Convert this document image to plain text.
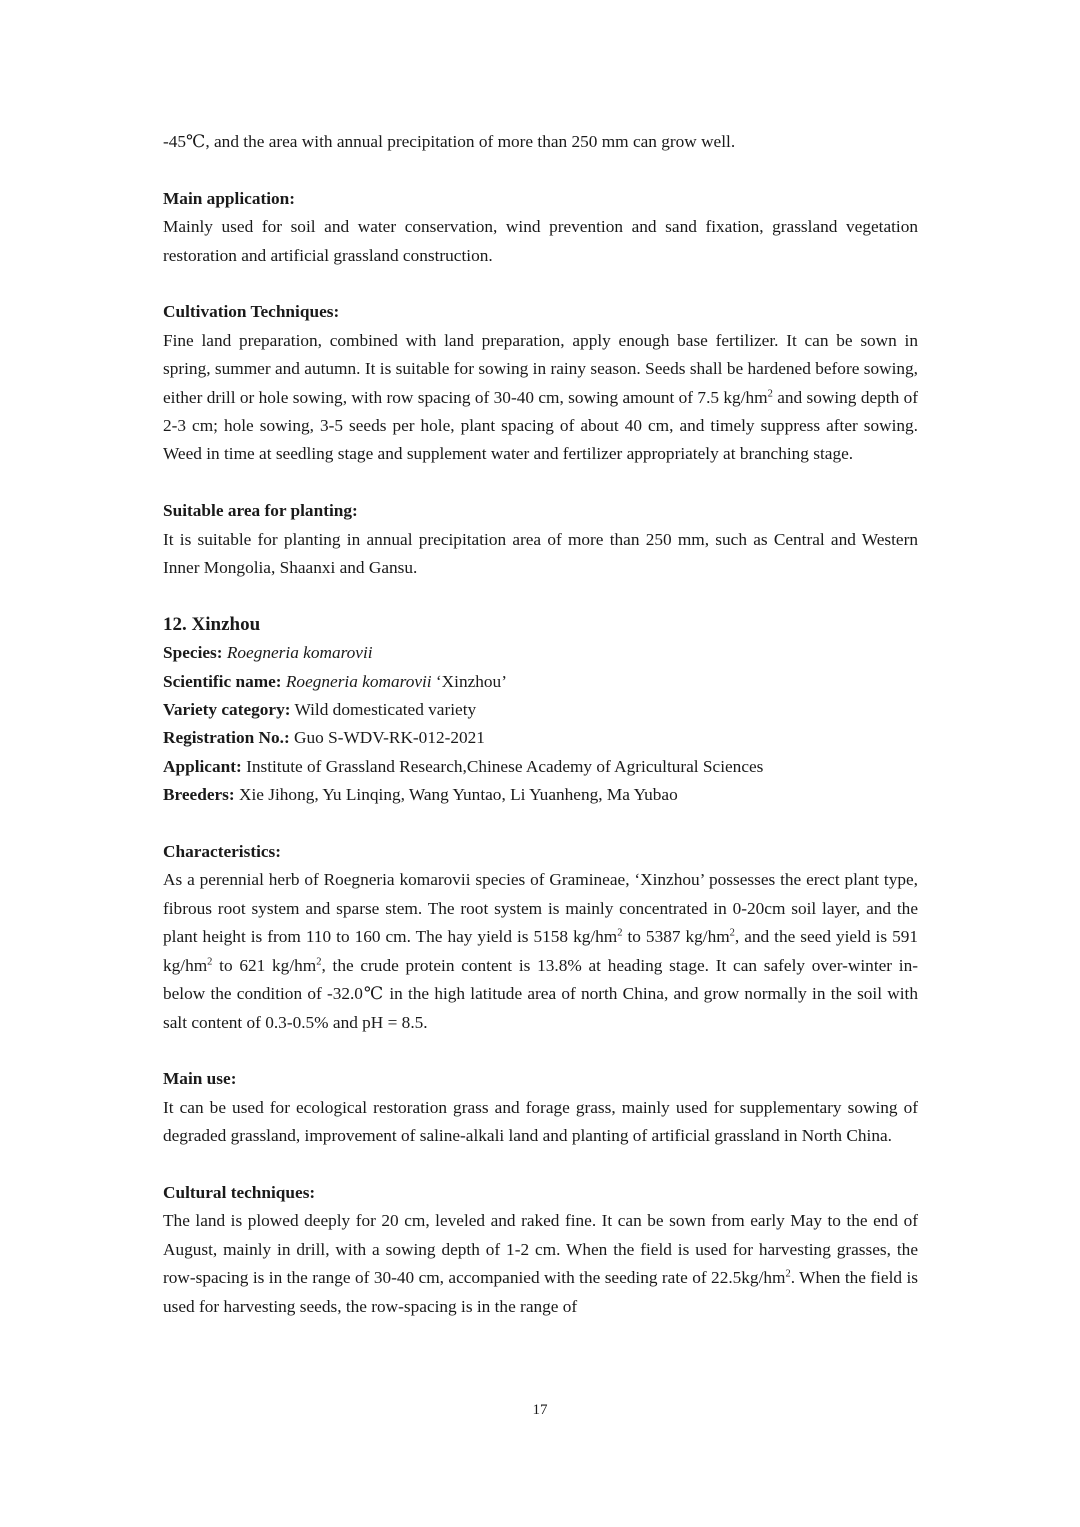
-45℃, and the area with annual precipitation of more than 250 mm can grow well.

Main application:

Mainly used for soil and water conservation, wind prevention and sand fixation, grassland vegetation restoration and artificial grassland construction.

Cultivation Techniques:

Fine land preparation, combined with land preparation, apply enough base fertilizer. It can be sown in spring, summer and autumn. It is suitable for sowing in rainy season. Seeds shall be hardened before sowing, either drill or hole sowing, with row spacing of 30-40 cm, sowing amount of 7.5 $kg/hm^2$ and sowing depth of 2-3 cm; hole sowing, 3-5 seeds per hole, plant spacing of about 40 cm, and timely suppress after sowing. Weed in time at seedling stage and supplement water and fertilizer appropriately at branching stage.

Suitable area for planting:

It is suitable for planting in annual precipitation area of more than 250 mm, such as Central and Western Inner Mongolia, Shaanxi and Gansu.

12. Xinzhou

Species: Roegneria komarovii

Scientific name: Roegneria komarovii ‘Xinzhou’

Variety category: Wild domesticated variety

Registration No.: Guo S-WDV-RK-012-2021

Applicant: Institute of Grassland Research,Chinese Academy of Agricultural Sciences

Breeders: Xie Jihong, Yu Linqing, Wang Yuntao, Li Yuanheng, Ma Yubao

Characteristics:

As a perennial herb of Roegneria komarovii species of Gramineae, ‘Xinzhou’ possesses the erect plant type, fibrous root system and sparse stem. The root system is mainly concentrated in 0-20cm soil layer, and the plant height is from 110 to 160 cm. The hay yield is 5158 $kg/hm^2$ to 5387 $kg/hm^2$, and the seed yield is 591 $kg/hm^2$ to 621 $kg/hm^2$, the crude protein content is 13.8% at heading stage. It can safely over-winter in-below the condition of -32.0℃ in the high latitude area of north China, and grow normally in the soil with salt content of 0.3-0.5% and pH = 8.5.

Main use:

It can be used for ecological restoration grass and forage grass, mainly used for supplementary sowing of degraded grassland, improvement of saline-alkali land and planting of artificial grassland in North China.

Cultural techniques:

The land is plowed deeply for 20 cm, leveled and raked fine. It can be sown from early May to the end of August, mainly in drill, with a sowing depth of 1-2 cm. When the field is used for harvesting grasses, the row-spacing is in the range of 30-40 cm, accompanied with the seeding rate of $22.5kg/hm^2$. When the field is used for harvesting seeds, the row-spacing is in the range of

17
